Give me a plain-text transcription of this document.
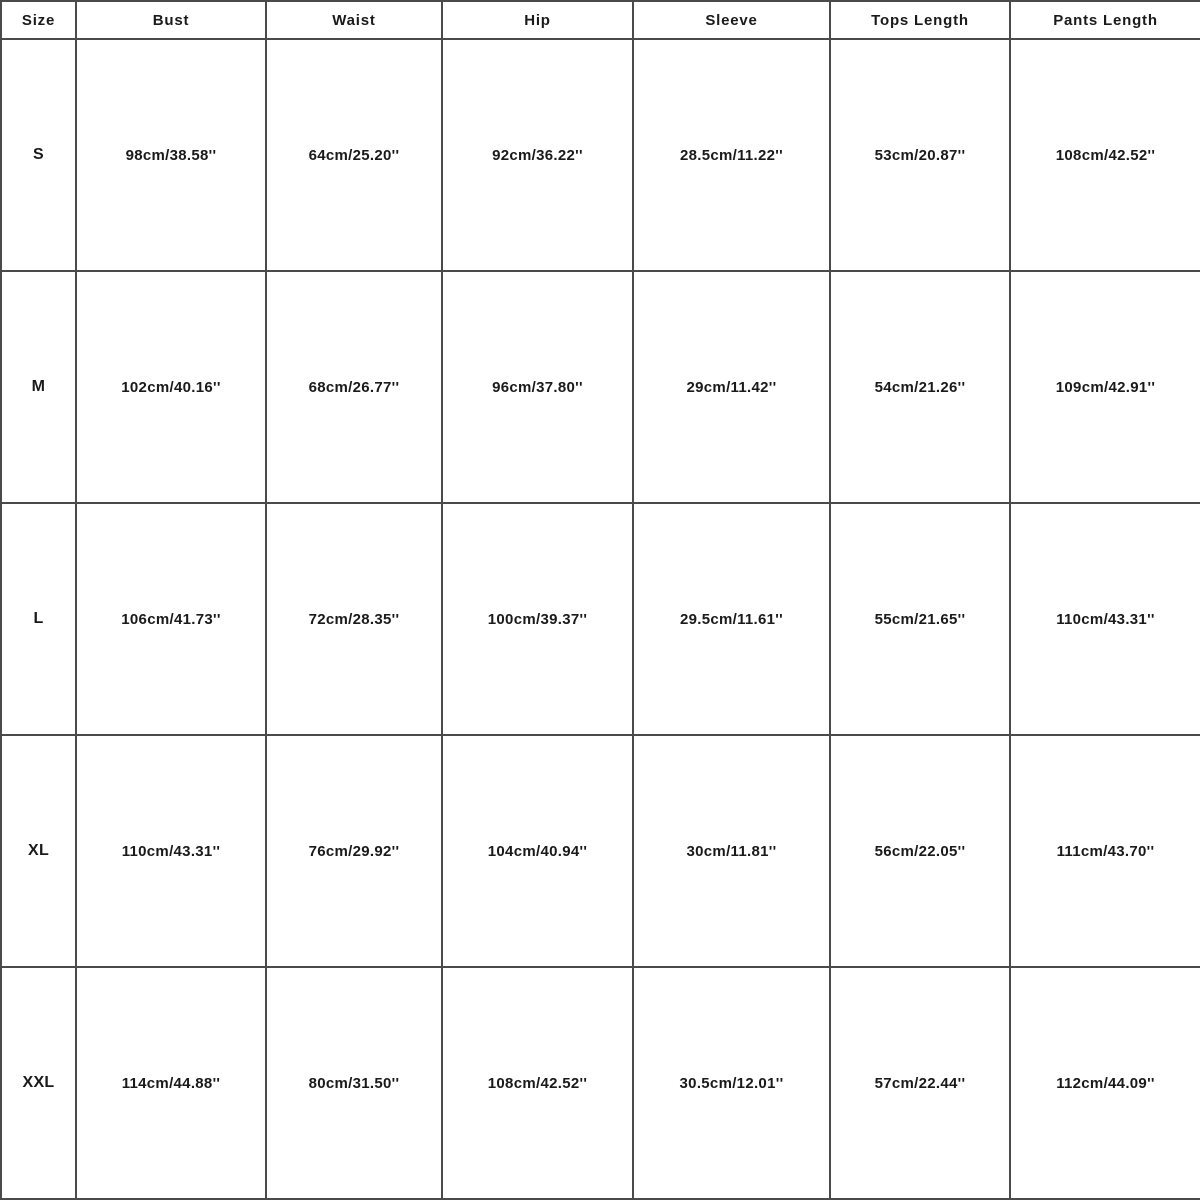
Size	Bust	Waist	Hip	Sleeve	Tops Length	Pants Length
S	98cm/38.58''	64cm/25.20''	92cm/36.22''	28.5cm/11.22''	53cm/20.87''	108cm/42.52''
M	102cm/40.16''	68cm/26.77''	96cm/37.80''	29cm/11.42''	54cm/21.26''	109cm/42.91''
L	106cm/41.73''	72cm/28.35''	100cm/39.37''	29.5cm/11.61''	55cm/21.65''	110cm/43.31''
XL	110cm/43.31''	76cm/29.92''	104cm/40.94''	30cm/11.81''	56cm/22.05''	111cm/43.70''
XXL	114cm/44.88''	80cm/31.50''	108cm/42.52''	30.5cm/12.01''	57cm/22.44''	112cm/44.09''
